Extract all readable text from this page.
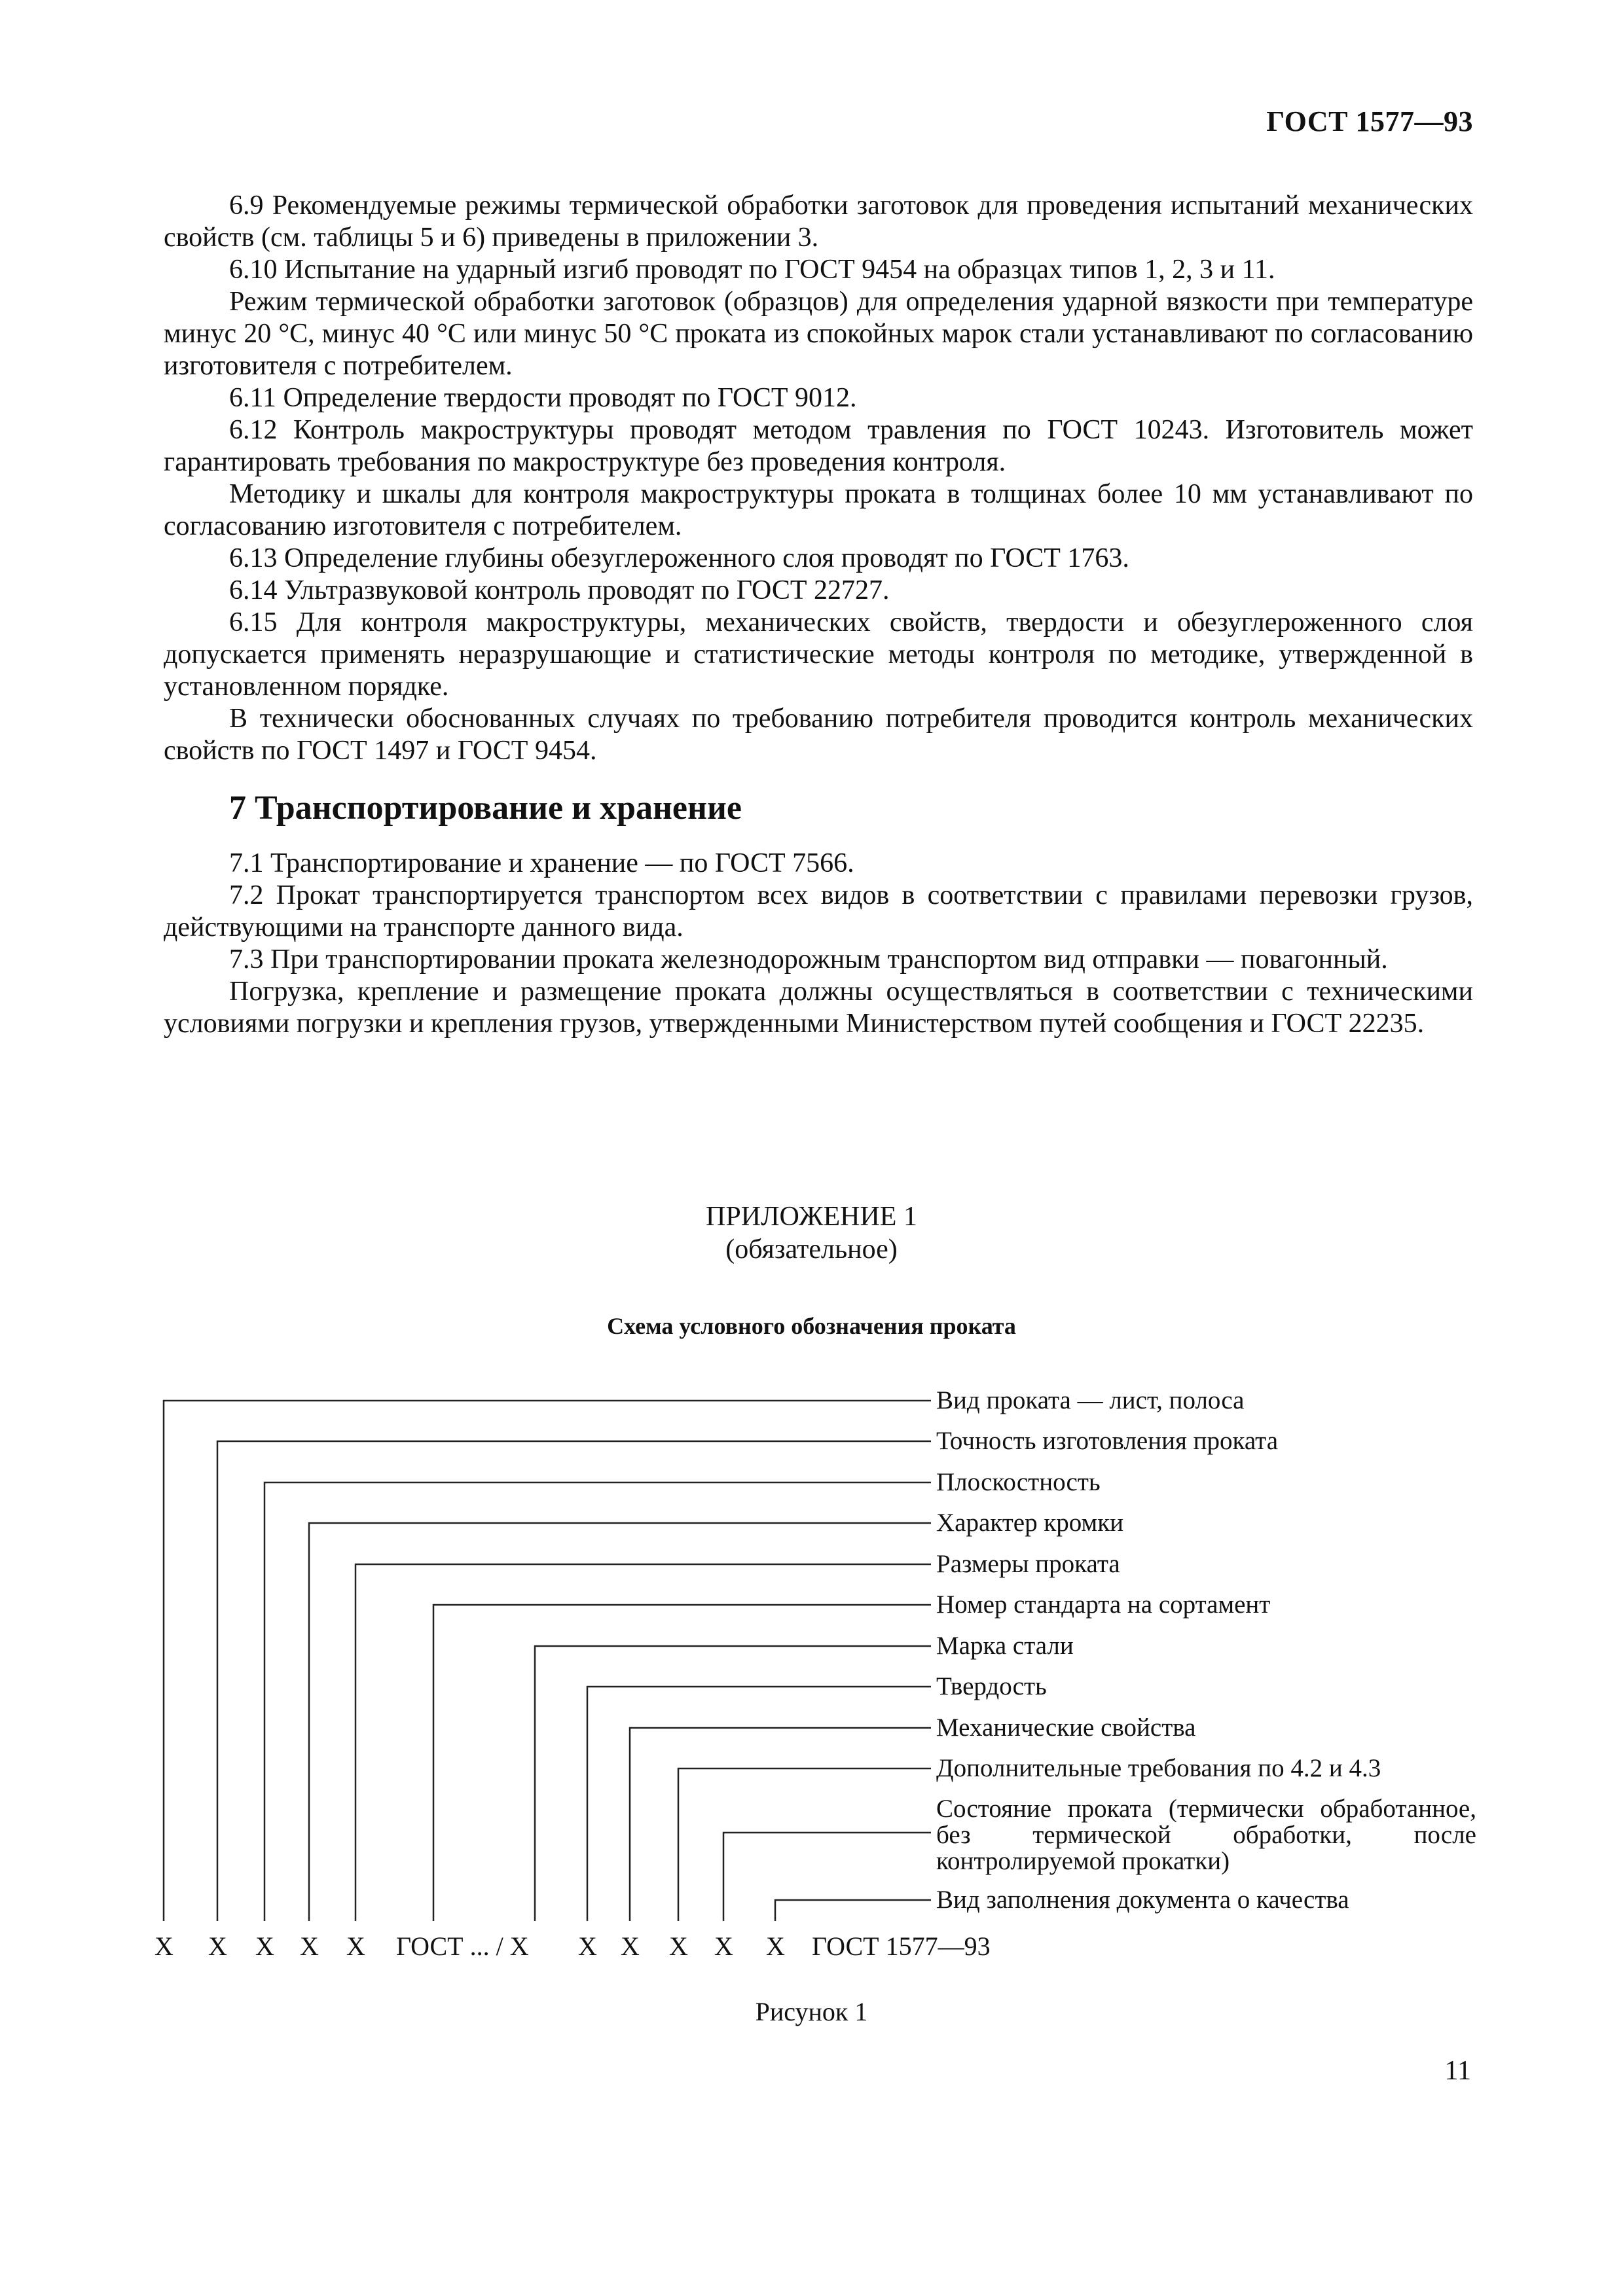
ГОСТ 1577—93

6.9 Рекомендуемые режимы термической обработки заготовок для проведения испытаний механических свойств (см. таблицы 5 и 6) приведены в приложении 3.

6.10 Испытание на ударный изгиб проводят по ГОСТ 9454 на образцах типов 1, 2, 3 и 11.

Режим термической обработки заготовок (образцов) для определения ударной вязкости при температуре минус 20 °С, минус 40 °С или минус 50 °С проката из спокойных марок стали устанавливают по согласованию изготовителя с потребителем.

6.11 Определение твердости проводят по ГОСТ 9012.

6.12 Контроль макроструктуры проводят методом травления по ГОСТ 10243. Изготовитель может гарантировать требования по макроструктуре без проведения контроля.

Методику и шкалы для контроля макроструктуры проката в толщинах более 10 мм устанавливают по согласованию изготовителя с потребителем.

6.13 Определение глубины обезуглероженного слоя проводят по ГОСТ 1763.

6.14 Ультразвуковой контроль проводят по ГОСТ 22727.

6.15 Для контроля макроструктуры, механических свойств, твердости и обезуглероженного слоя допускается применять неразрушающие и статистические методы контроля по методике, утвержденной в установленном порядке.

В технически обоснованных случаях по требованию потребителя проводится контроль механических свойств по ГОСТ 1497 и ГОСТ 9454.

7 Транспортирование и хранение

7.1 Транспортирование и хранение — по ГОСТ 7566.

7.2 Прокат транспортируется транспортом всех видов в соответствии с правилами перевозки грузов, действующими на транспорте данного вида.

7.3 При транспортировании проката железнодорожным транспортом вид отправки — повагонный.

Погрузка, крепление и размещение проката должны осуществляться в соответствии с техническими условиями погрузки и крепления грузов, утвержденными Министерством путей сообщения и ГОСТ 22235.

ПРИЛОЖЕНИЕ 1
(обязательное)
Схема условного обозначения проката
Вид проката — лист, полоса
Точность изготовления проката
Плоскостность
Характер кромки
Размеры проката
Номер стандарта на сортамент
Марка стали
Твердость
Механические свойства
Дополнительные требования по 4.2 и 4.3
Состояние проката (термически обработанное, без термической обработки, после контролируемой прокатки)
Вид заполнения документа о качества
Х Х Х Х Х ГОСТ ... / Х Х Х Х Х Х ГОСТ 1577—93
Рисунок 1
11
